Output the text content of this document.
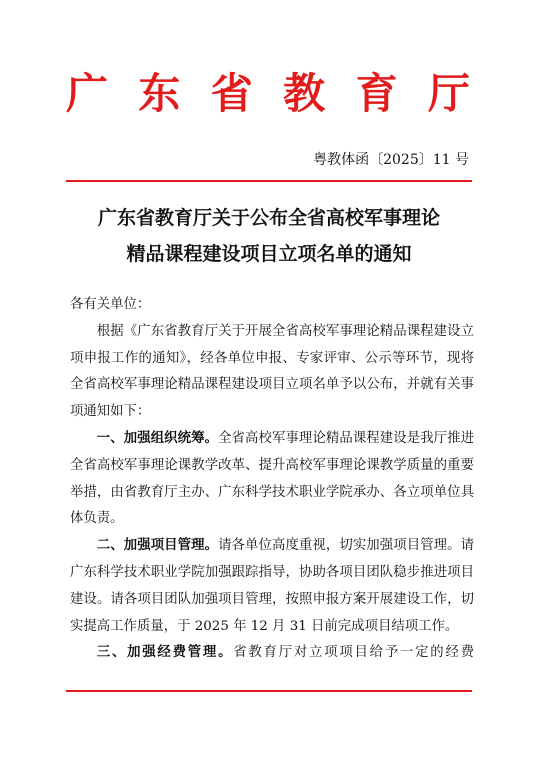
广 东 省 教 育 厅
粤教体函〔2025〕11 号
广东省教育厅关于公布全省高校军事理论
精品课程建设项目立项名单的通知

各有关单位：

根据《广东省教育厅关于开展全省高校军事理论精品课程建设立项申报工作的通知》，经各单位申报、专家评审、公示等环节，现将全省高校军事理论精品课程建设项目立项名单予以公布，并就有关事项通知如下：

一、加强组织统筹。全省高校军事理论精品课程建设是我厅推进全省高校军事理论课教学改革、提升高校军事理论课教学质量的重要举措，由省教育厅主办、广东科学技术职业学院承办、各立项单位具体负责。

二、加强项目管理。请各单位高度重视，切实加强项目管理。请广东科学技术职业学院加强跟踪指导，协助各项目团队稳步推进项目建设。请各项目团队加强项目管理，按照申报方案开展建设工作，切实提高工作质量，于 2025 年 12 月 31 日前完成项目结项工作。

三、加强经费管理。省教育厅对立项项目给予一定的经费
